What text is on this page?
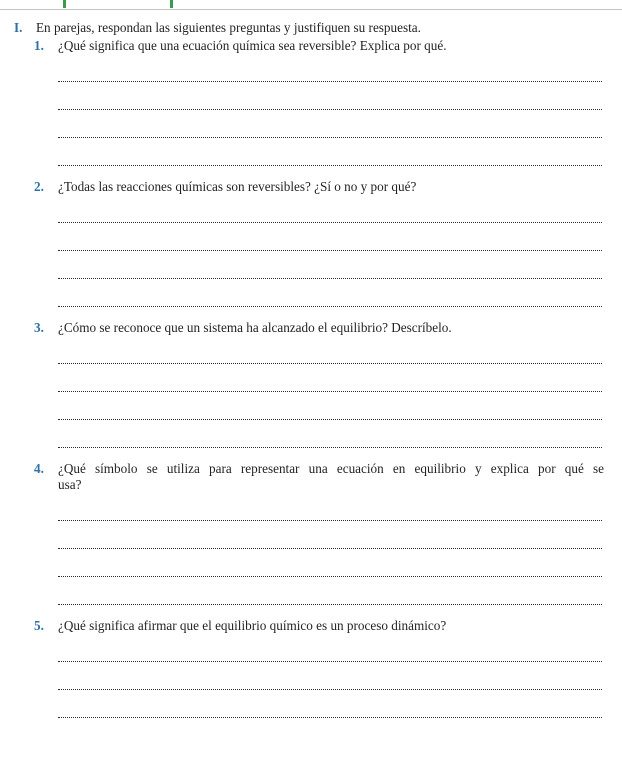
I.	En parejas, respondan las siguientes preguntas y justifiquen su respuesta.
1.	¿Qué significa que una ecuación química sea reversible? Explica por qué.
2.	¿Todas las reacciones químicas son reversibles? ¿Sí o no y por qué?
3.	¿Cómo se reconoce que un sistema ha alcanzado el equilibrio? Descríbelo.
4.	¿Qué símbolo se utiliza para representar una ecuación en equilibrio y explica por qué se
usa?
5.	¿Qué significa afirmar que el equilibrio químico es un proceso dinámico?
